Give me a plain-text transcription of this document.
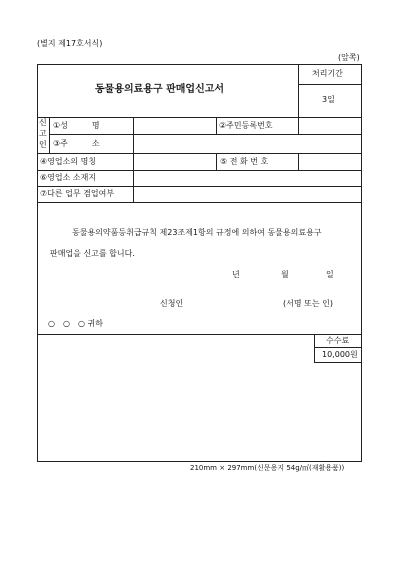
(별지 제17호서식)
(앞쪽)
동물용의료용구 판매업신고서
처리기간
3일
신
고
인
①성　　　명	②주민등록번호
③주　　　소
④영업소의 명칭	⑤ 전 화 번 호
⑥영업소 소재지
⑦다른 업무 겸업여부
동물용의약품등취급규칙 제23조제1항의 규정에 의하여 동물용의료용구
판매업을 신고를 합니다.
년	월	일
신청인	(서명 또는 인)
○　○　○ 귀하
수수료
10,000원
210mm × 297mm(신문용지 54g/㎡(재활용품))
